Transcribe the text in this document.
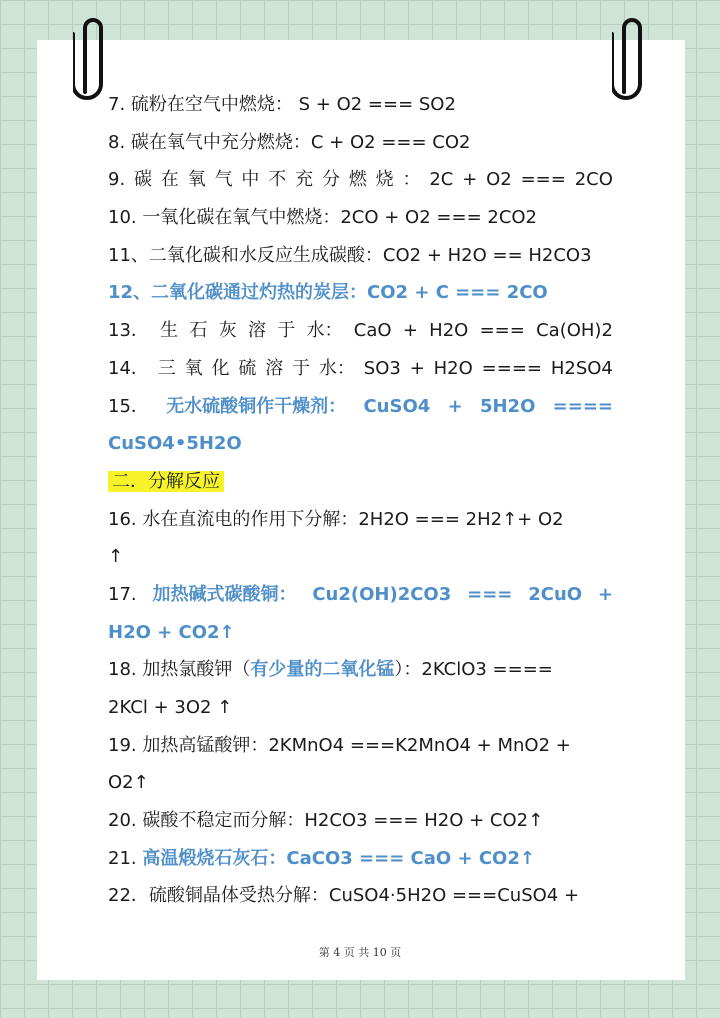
7. 硫粉在空气中燃烧： S + O2 === SO2
8. 碳在氧气中充分燃烧：C + O2 === CO2
9. 碳 在 氧 气 中 不 充 分 燃 烧 ： 2C + O2 === 2CO
10. 一氧化碳在氧气中燃烧：2CO + O2 === 2CO2
11、二氧化碳和水反应生成碳酸：CO2 + H2O == H2CO3
12、二氧化碳通过灼热的炭层：CO2 + C === 2CO
13． 生 石 灰 溶 于 水： CaO + H2O === Ca(OH)2
14． 三 氧 化 硫 溶 于 水： SO3 + H2O ==== H2SO4
15． 无水硫酸铜作干燥剂： CuSO4 + 5H2O ====
CuSO4•5H2O
二．分解反应
16. 水在直流电的作用下分解：2H2O === 2H2↑+ O2
↑
17. 加热碱式碳酸铜： Cu2(OH)2CO3 === 2CuO +
H2O + CO2↑
18. 加热氯酸钾（有少量的二氧化锰）：2KClO3 ====
2KCl + 3O2 ↑
19. 加热高锰酸钾：2KMnO4 ===K2MnO4 + MnO2 +
O2↑
20. 碳酸不稳定而分解：H2CO3 === H2O + CO2↑
21. 高温煅烧石灰石：CaCO3 === CaO + CO2↑
22．硫酸铜晶体受热分解：CuSO4·5H2O ===CuSO4 +
第 4 页 共 10 页
